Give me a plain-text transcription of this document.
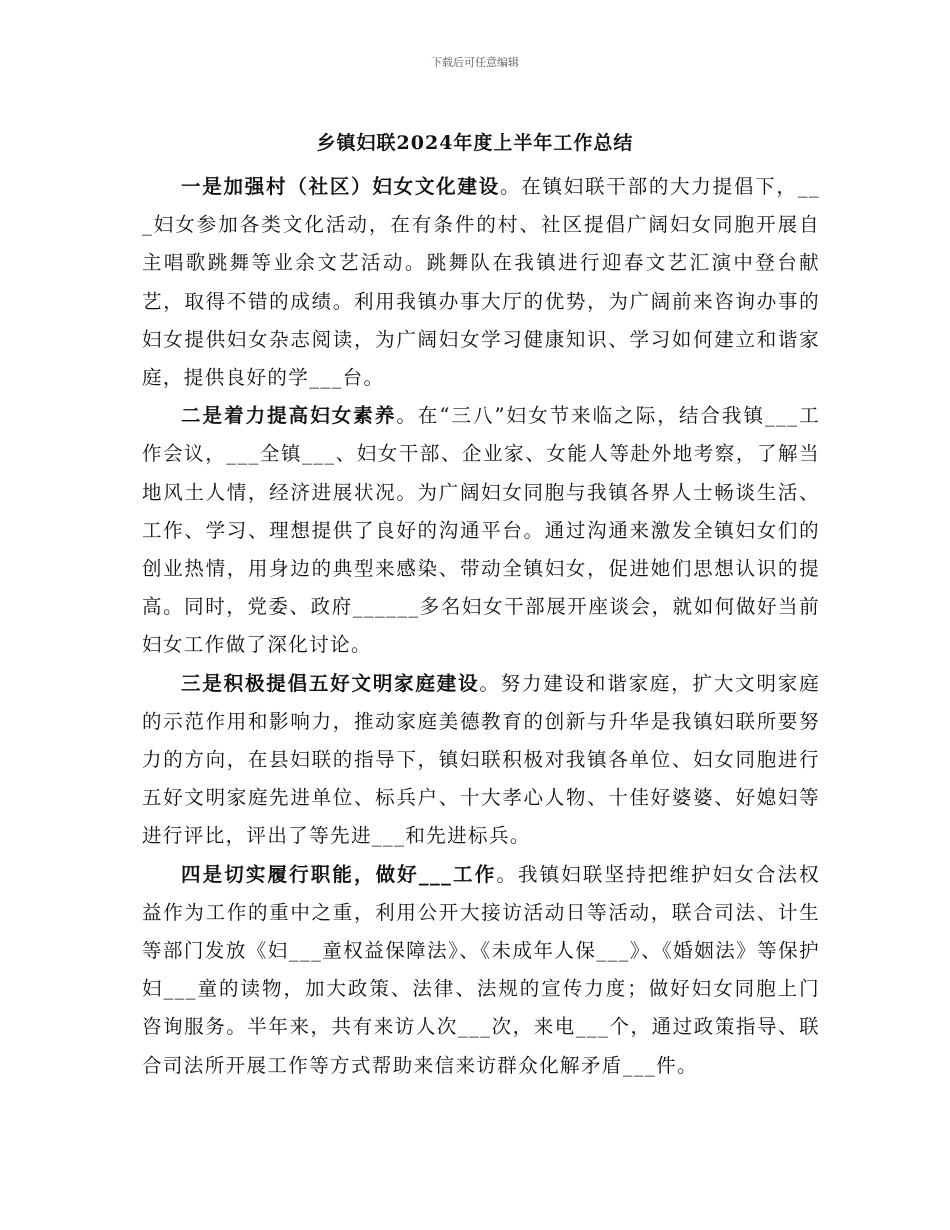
下载后可任意编辑
乡镇妇联2024年度上半年工作总结

一是加强村（社区）妇女文化建设。在镇妇联干部的大力提倡下，___妇女参加各类文化活动，在有条件的村、社区提倡广阔妇女同胞开展自主唱歌跳舞等业余文艺活动。跳舞队在我镇进行迎春文艺汇演中登台献艺，取得不错的成绩。利用我镇办事大厅的优势，为广阔前来咨询办事的妇女提供妇女杂志阅读，为广阔妇女学习健康知识、学习如何建立和谐家庭，提供良好的学___台。

二是着力提高妇女素养。在“三八”妇女节来临之际，结合我镇___工作会议，___全镇___、妇女干部、企业家、女能人等赴外地考察，了解当地风土人情，经济进展状况。为广阔妇女同胞与我镇各界人士畅谈生活、工作、学习、理想提供了良好的沟通平台。通过沟通来激发全镇妇女们的创业热情，用身边的典型来感染、带动全镇妇女，促进她们思想认识的提高。同时，党委、政府______多名妇女干部展开座谈会，就如何做好当前妇女工作做了深化讨论。

三是积极提倡五好文明家庭建设。努力建设和谐家庭，扩大文明家庭的示范作用和影响力，推动家庭美德教育的创新与升华是我镇妇联所要努力的方向，在县妇联的指导下，镇妇联积极对我镇各单位、妇女同胞进行五好文明家庭先进单位、标兵户、十大孝心人物、十佳好婆婆、好媳妇等进行评比，评出了等先进___和先进标兵。

四是切实履行职能，做好___工作。我镇妇联坚持把维护妇女合法权益作为工作的重中之重，利用公开大接访活动日等活动，联合司法、计生等部门发放《妇___童权益保障法》、《未成年人保___》、《婚姻法》等保护妇___童的读物，加大政策、法律、法规的宣传力度；做好妇女同胞上门咨询服务。半年来，共有来访人次___次，来电___个，通过政策指导、联合司法所开展工作等方式帮助来信来访群众化解矛盾___件。
